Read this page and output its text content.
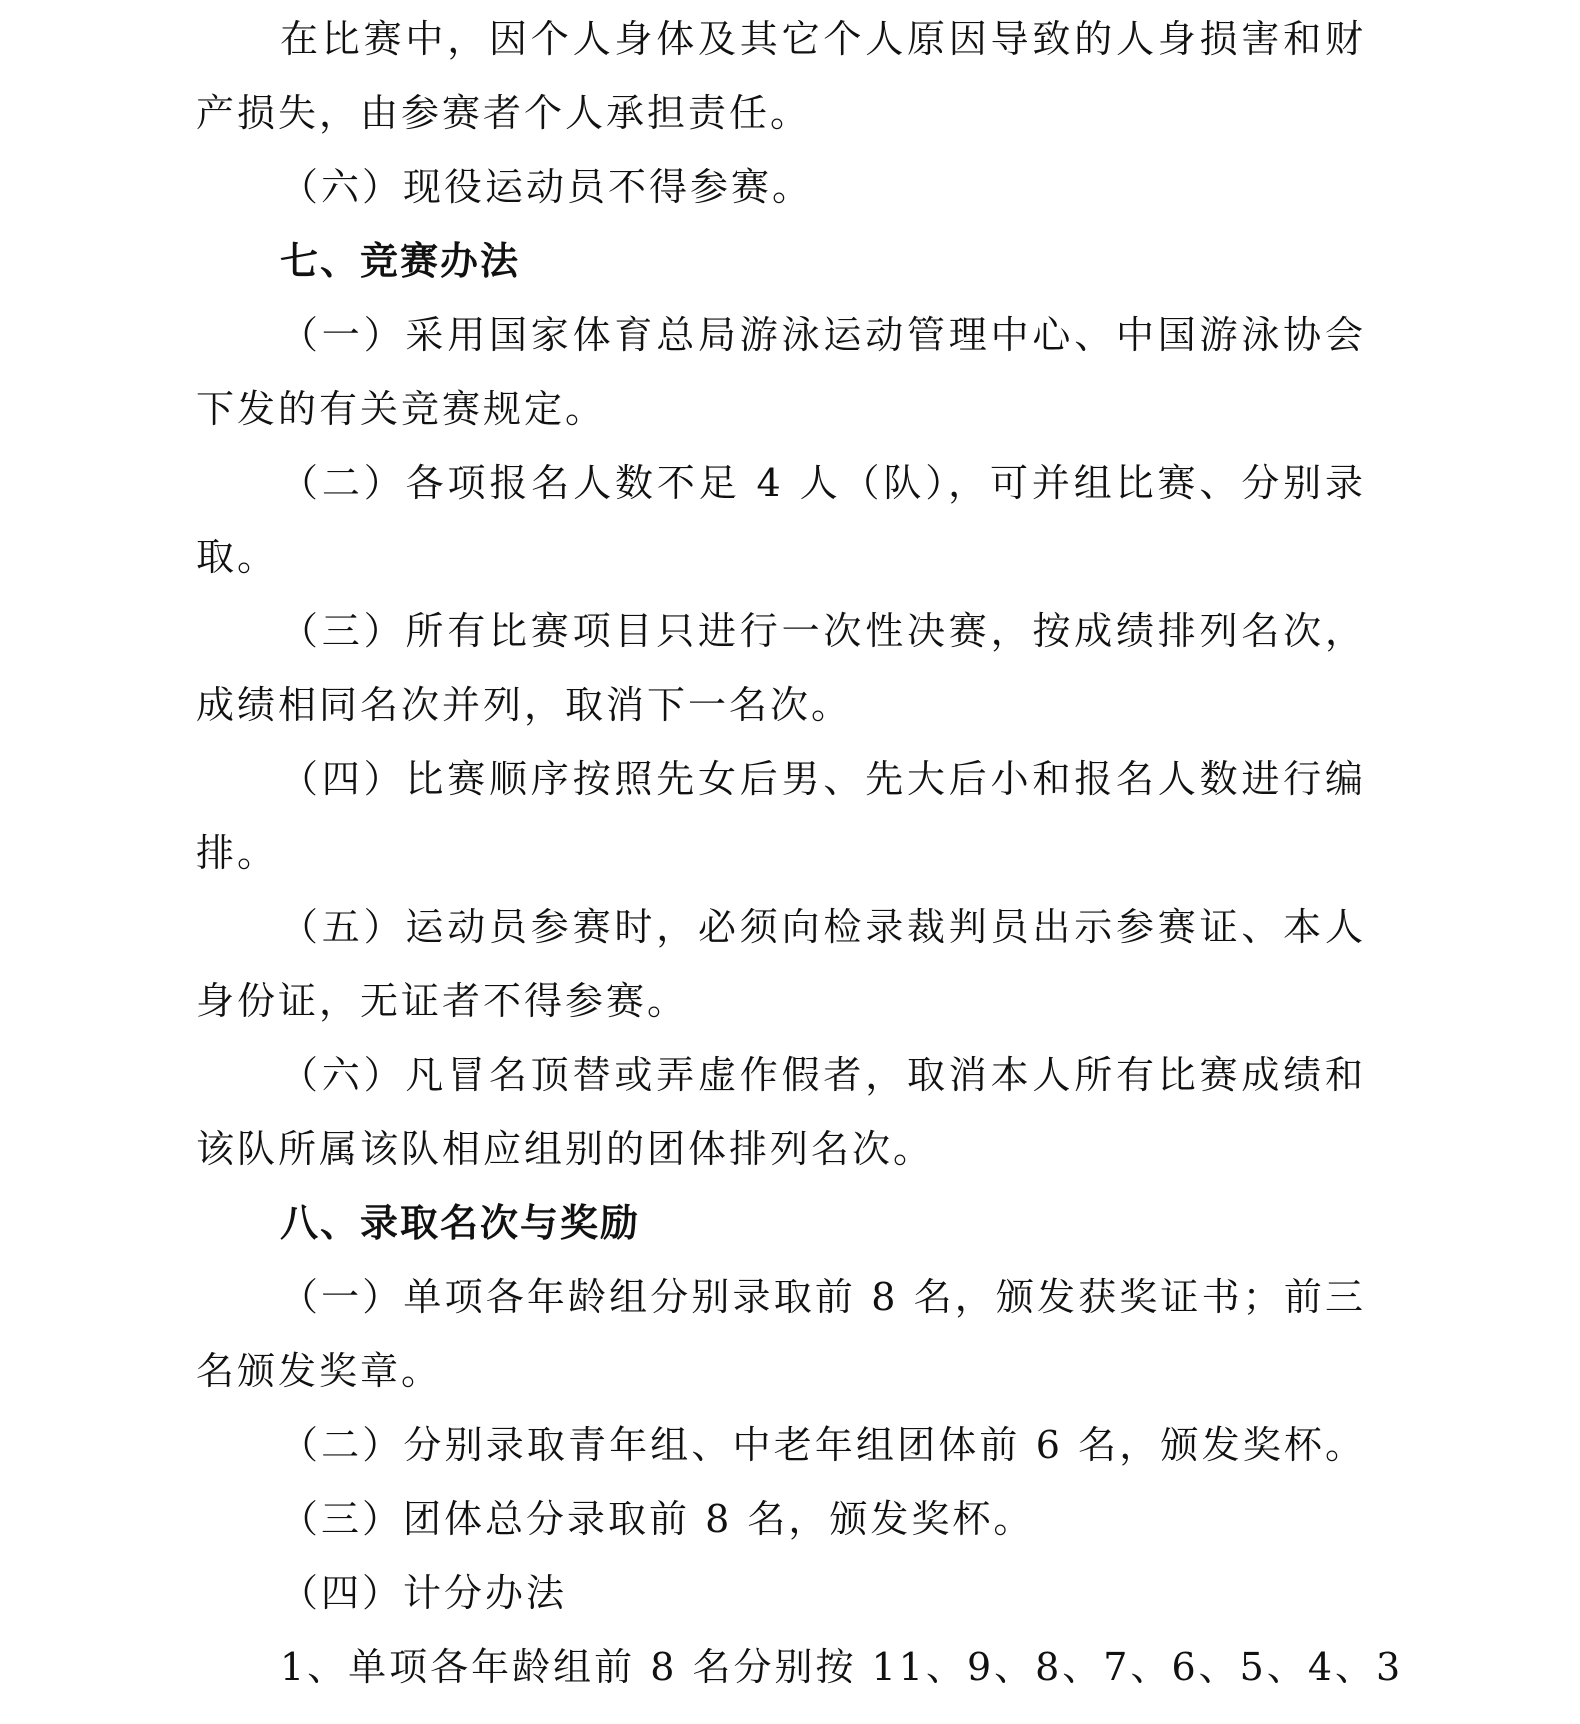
在比赛中，因个人身体及其它个人原因导致的人身损害和财
产损失，由参赛者个人承担责任。
（六）现役运动员不得参赛。
七、竞赛办法
（一）采用国家体育总局游泳运动管理中心、中国游泳协会
下发的有关竞赛规定。
（二）各项报名人数不足 4 人（队），可并组比赛、分别录
取。
（三）所有比赛项目只进行一次性决赛，按成绩排列名次，
成绩相同名次并列，取消下一名次。
（四）比赛顺序按照先女后男、先大后小和报名人数进行编
排。
（五）运动员参赛时，必须向检录裁判员出示参赛证、本人
身份证，无证者不得参赛。
（六）凡冒名顶替或弄虚作假者，取消本人所有比赛成绩和
该队所属该队相应组别的团体排列名次。
八、录取名次与奖励
（一）单项各年龄组分别录取前 8 名，颁发获奖证书；前三
名颁发奖章。
（二）分别录取青年组、中老年组团体前 6 名，颁发奖杯。
（三）团体总分录取前 8 名，颁发奖杯。
（四）计分办法
1、单项各年龄组前 8 名分别按 11、9、8、7、6、5、4、3
